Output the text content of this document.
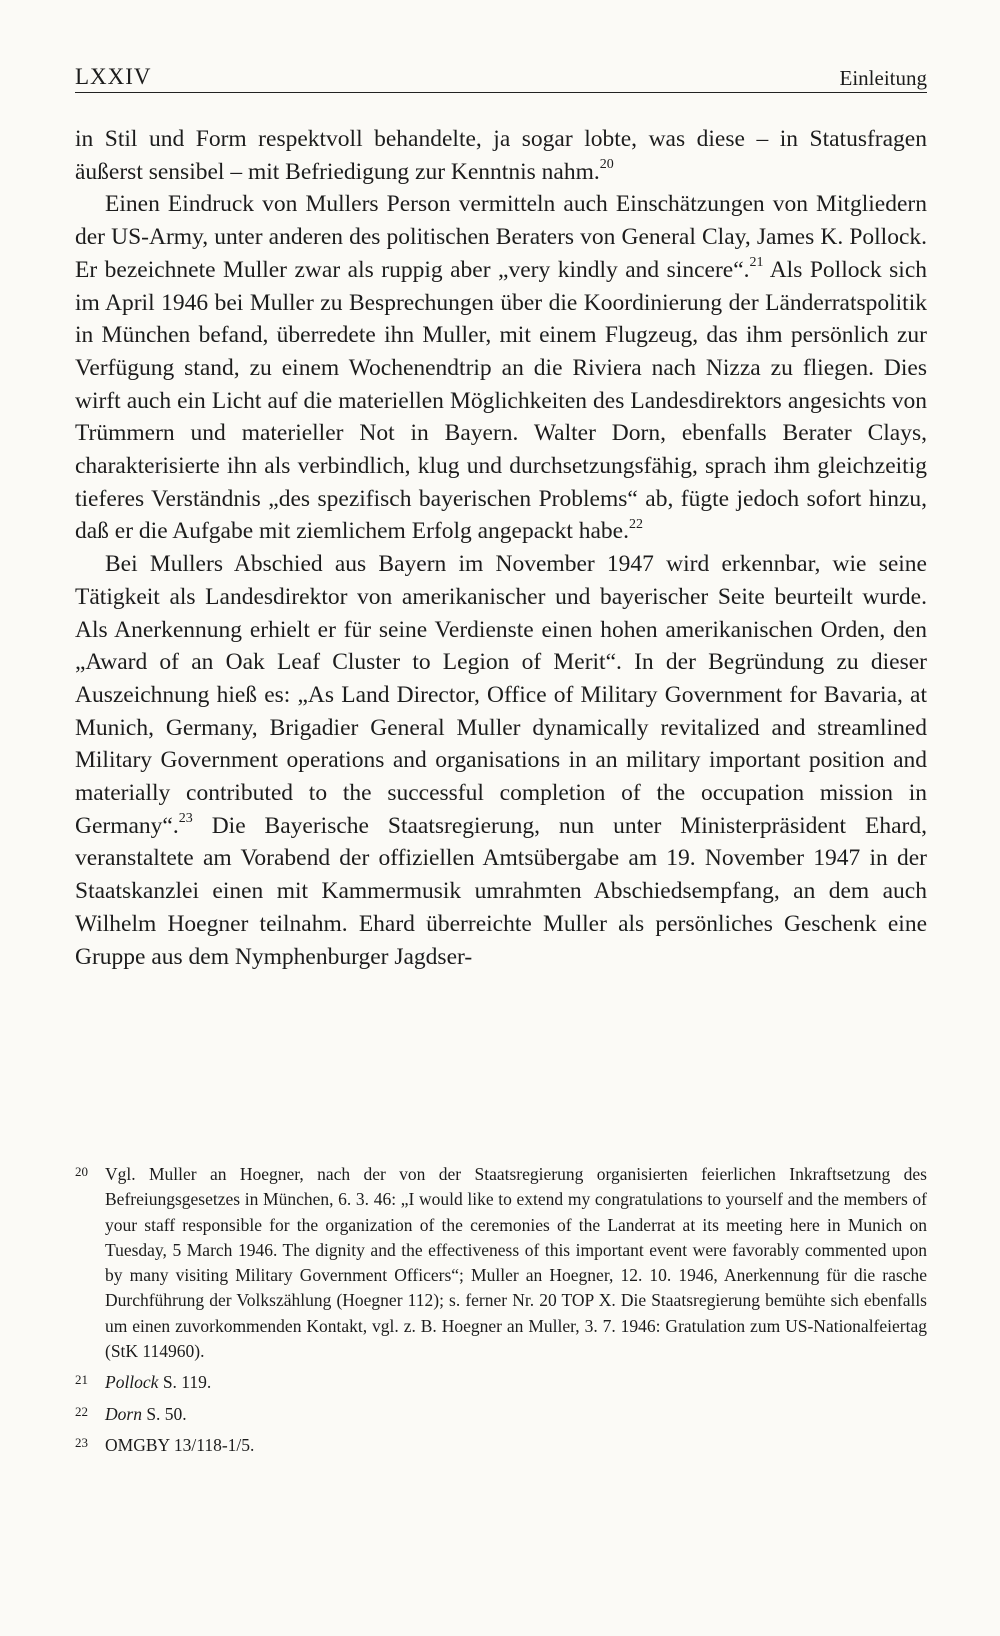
LXXIV	Einleitung

in Stil und Form respektvoll behandelte, ja sogar lobte, was diese – in Statusfragen äußerst sensibel – mit Befriedigung zur Kenntnis nahm.$^{20}$

Einen Eindruck von Mullers Person vermitteln auch Einschätzungen von Mitgliedern der US-Army, unter anderen des politischen Beraters von General Clay, James K. Pollock. Er bezeichnete Muller zwar als ruppig aber „very kindly and sincere“.$^{21}$ Als Pollock sich im April 1946 bei Muller zu Besprechungen über die Koordinierung der Länderratspolitik in München befand, überredete ihn Muller, mit einem Flugzeug, das ihm persönlich zur Verfügung stand, zu einem Wochenendtrip an die Riviera nach Nizza zu fliegen. Dies wirft auch ein Licht auf die materiellen Möglichkeiten des Landesdirektors angesichts von Trümmern und materieller Not in Bayern. Walter Dorn, ebenfalls Berater Clays, charakterisierte ihn als verbindlich, klug und durchsetzungsfähig, sprach ihm gleichzeitig tieferes Verständnis „des spezifisch bayerischen Problems“ ab, fügte jedoch sofort hinzu, daß er die Aufgabe mit ziemlichem Erfolg angepackt habe.$^{22}$

Bei Mullers Abschied aus Bayern im November 1947 wird erkennbar, wie seine Tätigkeit als Landesdirektor von amerikanischer und bayerischer Seite beurteilt wurde. Als Anerkennung erhielt er für seine Verdienste einen hohen amerikanischen Orden, den „Award of an Oak Leaf Cluster to Legion of Merit“. In der Begründung zu dieser Auszeichnung hieß es: „As Land Director, Office of Military Government for Bavaria, at Munich, Germany, Brigadier General Muller dynamically revitalized and streamlined Military Government operations and organisations in an military important position and materially contributed to the successful completion of the occupation mission in Germany“.$^{23}$ Die Bayerische Staatsregierung, nun unter Ministerpräsident Ehard, veranstaltete am Vorabend der offiziellen Amtsübergabe am 19. November 1947 in der Staatskanzlei einen mit Kammermusik umrahmten Abschiedsempfang, an dem auch Wilhelm Hoegner teilnahm. Ehard überreichte Muller als persönliches Geschenk eine Gruppe aus dem Nymphenburger Jagdser-

20 Vgl. Muller an Hoegner, nach der von der Staatsregierung organisierten feierlichen Inkraftsetzung des Befreiungsgesetzes in München, 6. 3. 46: „I would like to extend my congratulations to yourself and the members of your staff responsible for the organization of the ceremonies of the Landerrat at its meeting here in Munich on Tuesday, 5 March 1946. The dignity and the effectiveness of this important event were favorably commented upon by many visiting Military Government Officers“; Muller an Hoegner, 12. 10. 1946, Anerkennung für die rasche Durchführung der Volkszählung (Hoegner 112); s. ferner Nr. 20 TOP X. Die Staatsregierung bemühte sich ebenfalls um einen zuvorkommenden Kontakt, vgl. z. B. Hoegner an Muller, 3. 7. 1946: Gratulation zum US-Nationalfeiertag (StK 114960).

21 Pollock S. 119.

22 Dorn S. 50.

23 OMGBY 13/118-1/5.
